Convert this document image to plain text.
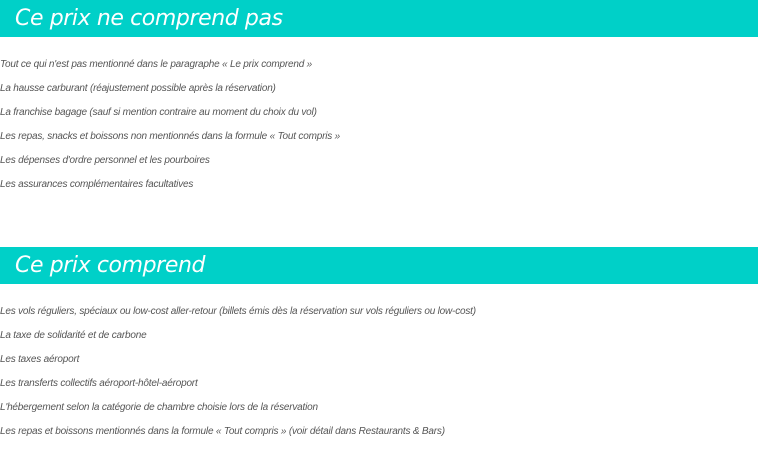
Ce prix ne comprend pas
Tout ce qui n'est pas mentionné dans le paragraphe « Le prix comprend »
La hausse carburant (réajustement possible après la réservation)
La franchise bagage (sauf si mention contraire au moment du choix du vol)
Les repas, snacks et boissons non mentionnés dans la formule « Tout compris »
Les dépenses d'ordre personnel et les pourboires
Les assurances complémentaires facultatives
Ce prix comprend
Les vols réguliers, spéciaux ou low-cost aller-retour (billets émis dès la réservation sur vols réguliers ou low-cost)
La taxe de solidarité et de carbone
Les taxes aéroport
Les transferts collectifs aéroport-hôtel-aéroport
L'hébergement selon la catégorie de chambre choisie lors de la réservation
Les repas et boissons mentionnés dans la formule « Tout compris » (voir détail dans Restaurants & Bars)
